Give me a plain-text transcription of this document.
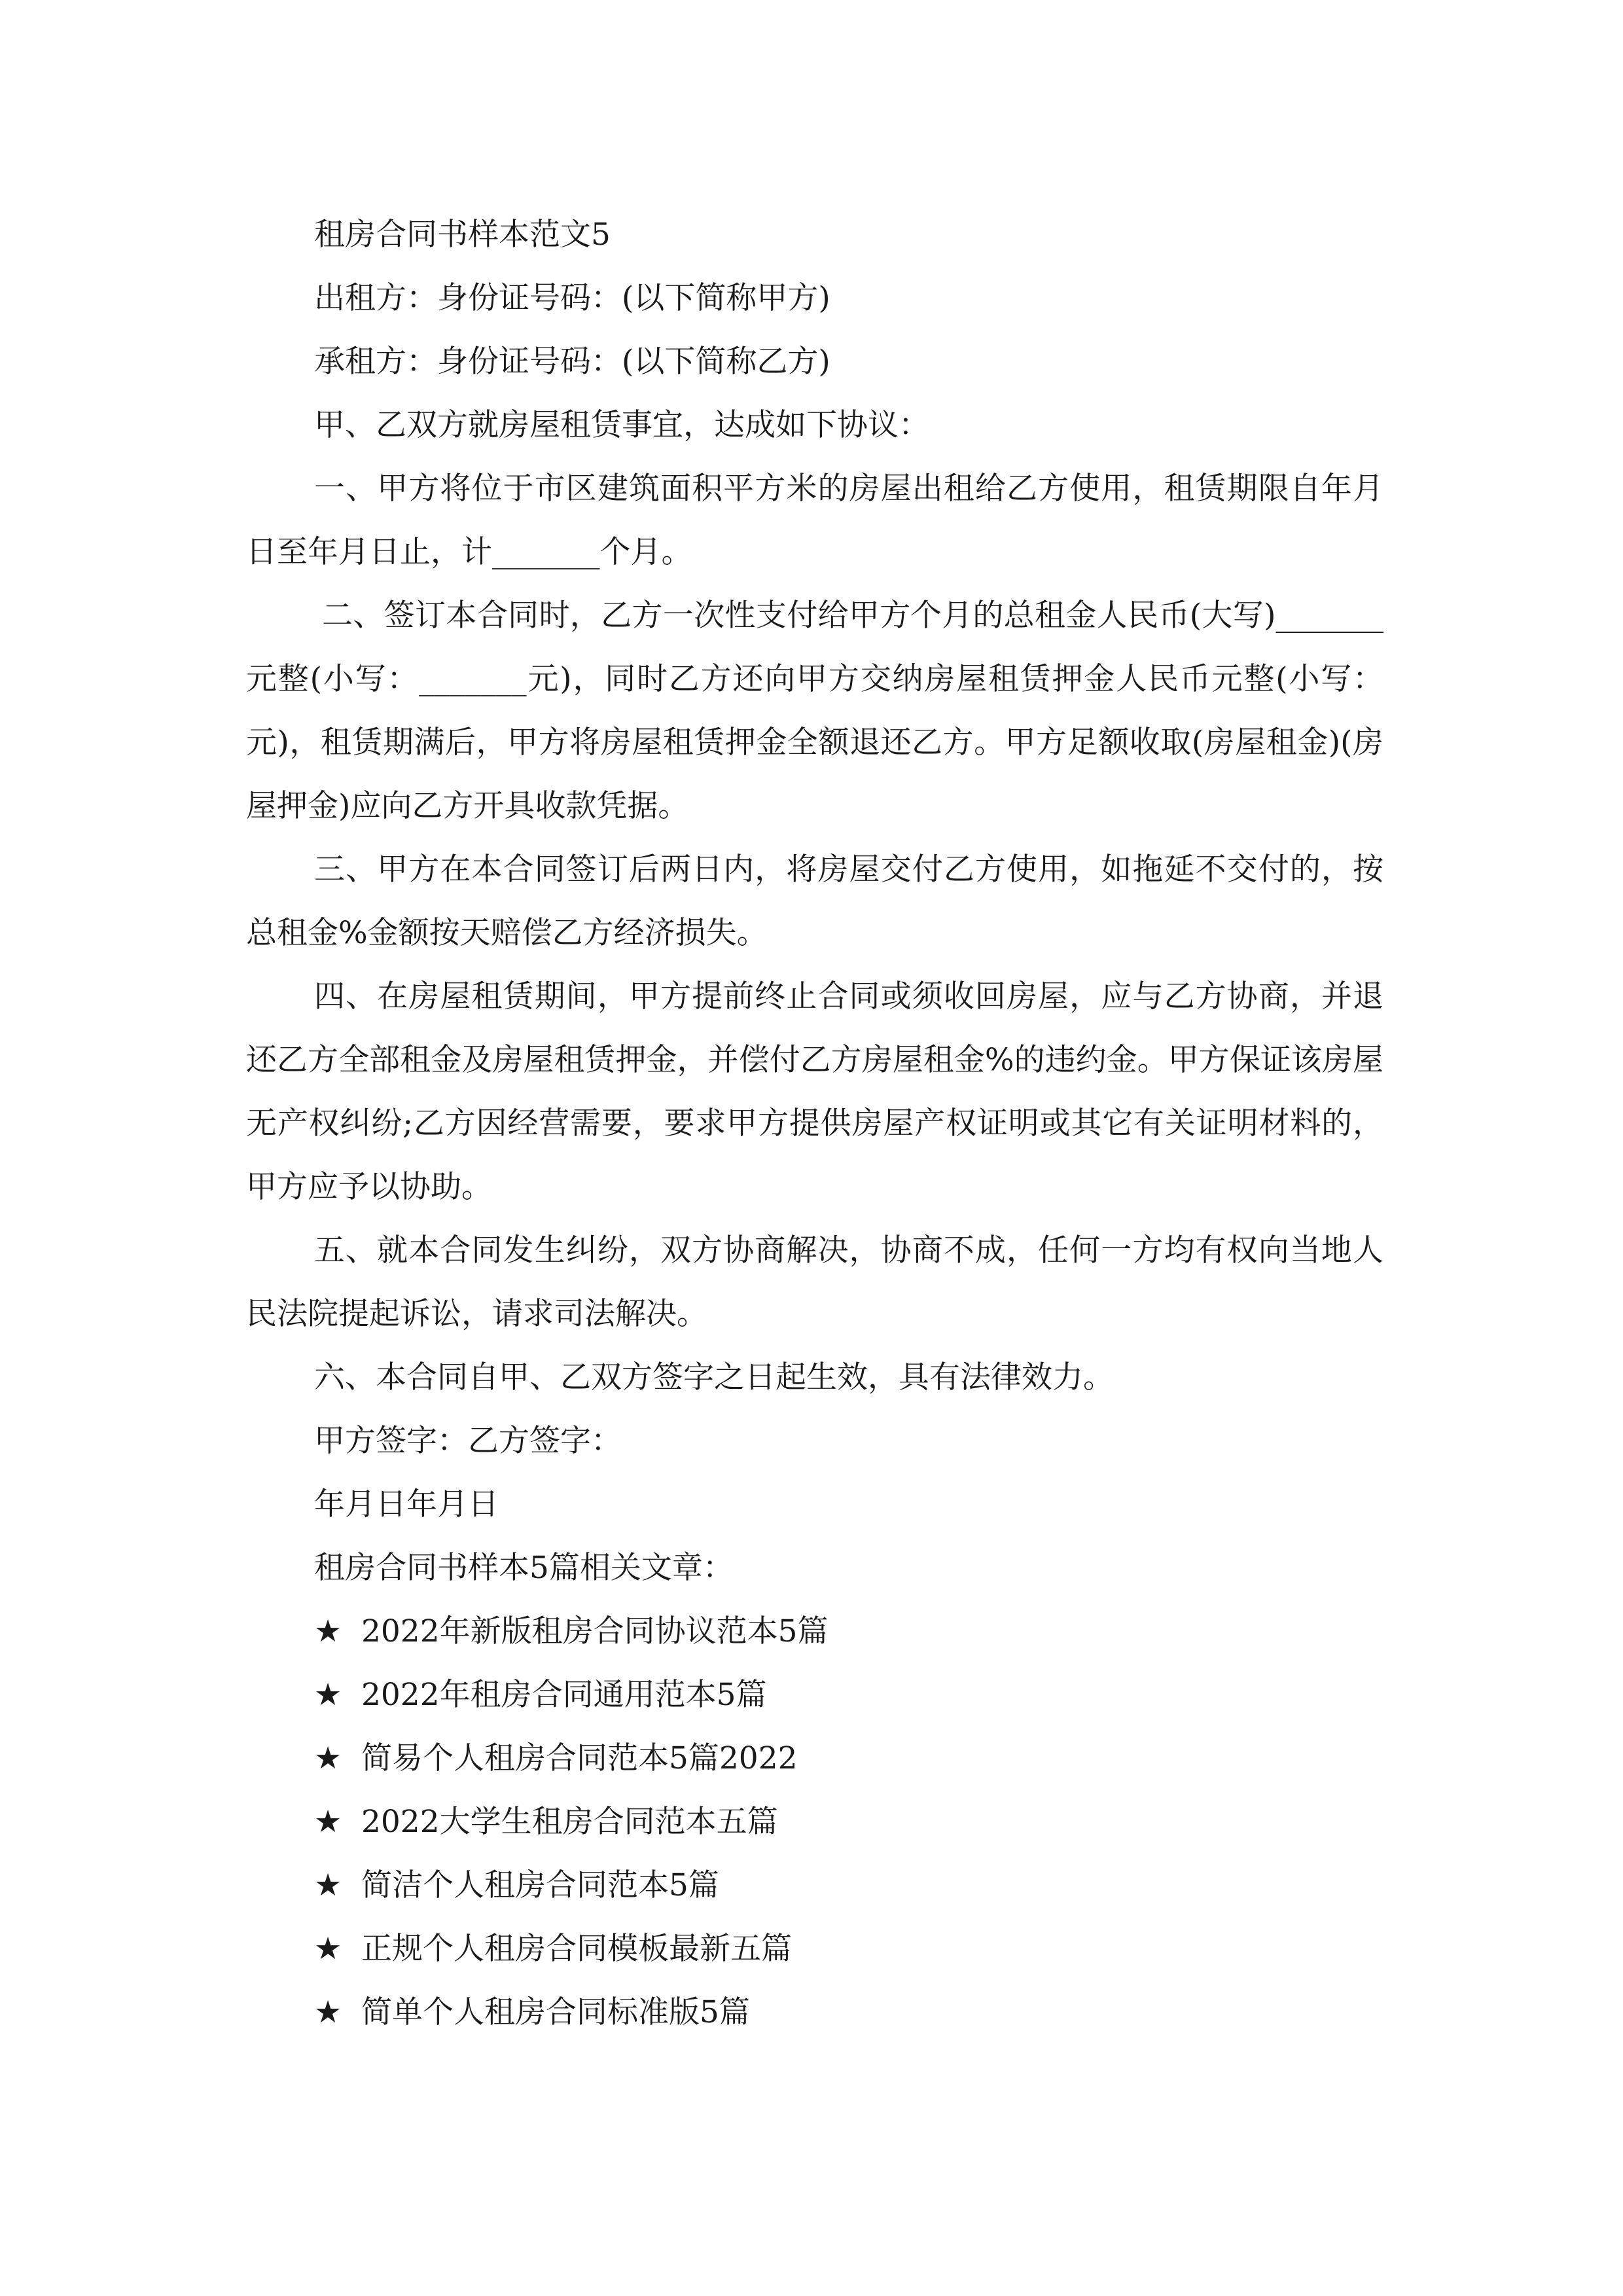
租房合同书样本范文5

出租方：身份证号码：(以下简称甲方)

承租方：身份证号码：(以下简称乙方)

甲、乙双方就房屋租赁事宜，达成如下协议：

一、甲方将位于市区建筑面积平方米的房屋出租给乙方使用，租赁期限自年月日至年月日止，计_______个月。

二、签订本合同时，乙方一次性支付给甲方个月的总租金人民币(大写)_______元整(小写：_______元)，同时乙方还向甲方交纳房屋租赁押金人民币元整(小写：元)，租赁期满后，甲方将房屋租赁押金全额退还乙方。甲方足额收取(房屋租金)(房屋押金)应向乙方开具收款凭据。

三、甲方在本合同签订后两日内，将房屋交付乙方使用，如拖延不交付的，按总租金%金额按天赔偿乙方经济损失。

四、在房屋租赁期间，甲方提前终止合同或须收回房屋，应与乙方协商，并退还乙方全部租金及房屋租赁押金，并偿付乙方房屋租金%的违约金。甲方保证该房屋无产权纠纷;乙方因经营需要，要求甲方提供房屋产权证明或其它有关证明材料的，甲方应予以协助。

五、就本合同发生纠纷，双方协商解决，协商不成，任何一方均有权向当地人民法院提起诉讼，请求司法解决。

六、本合同自甲、乙双方签字之日起生效，具有法律效力。

甲方签字：乙方签字：

年月日年月日

租房合同书样本5篇相关文章：

★ 2022年新版租房合同协议范本5篇
★ 2022年租房合同通用范本5篇
★ 简易个人租房合同范本5篇2022
★ 2022大学生租房合同范本五篇
★ 简洁个人租房合同范本5篇
★ 正规个人租房合同模板最新五篇
★ 简单个人租房合同标准版5篇
